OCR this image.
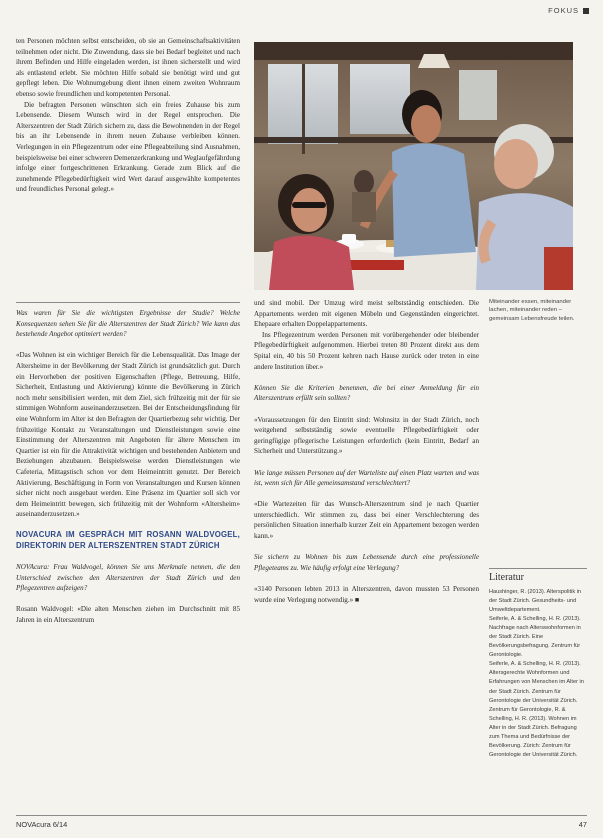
FOKUS

ten Personen möchten selbst entscheiden, ob sie an Gemeinschaftsaktivitäten teilnehmen oder nicht. Die Zuwendung, dass sie bei Bedarf begleitet und nach ihrem Befinden und Hilfe eingeladen werden, ist ihnen sicherstellt und wird als entlastend erlebt. Sie möchten Hilfe sobald sie benötigt wird und gut gepflegt leben. Die Wohnumgebung dient ihnen einem zweiten Wohnraum ebenso sowie freundlichen und kompetenten Personal.

Die befragten Personen wünschten sich ein freies Zuhause bis zum Lebensende. Diesem Wunsch wird in der Regel entsprochen. Die Alterszentren der Stadt Zürich sichern zu, dass die Bewohnenden in der Regel bis an ihr Lebensende in ihrem neuen Zuhause verbleiben können. Verlegungen in ein Pflegezentrum oder eine Pflegeabteilung sind Ausnahmen, beispielsweise bei einer schweren Demenzerkrankung und Weglaufgefährdung infolge einer fortgeschrittenen Erkrankung. Gerade zum Blick auf die zunehmende Pflegebedürftigkeit wird Wert darauf ausgewählte kompetentes und freundliches Personal gelegt.»

Miteinander essen, miteinander lachen, miteinander reden – gemeinsam Lebensfreude teilen.

Was waren für Sie die wichtigsten Ergebnisse der Studie? Welche Konsequenzen sehen Sie für die Alterszentren der Stadt Zürich? Wie kann das bestehende Angebot optimiert werden?

«Das Wohnen ist ein wichtiger Bereich für die Lebensqualität. Das Image der Altersheime in der Bevölkerung der Stadt Zürich ist grundsätzlich gut. Durch ein Hervorheben der positiven Eigenschaften (Pflege, Betreuung, Hilfe, Sicherheit, Entlastung und Aktivierung) könnte die Bevölkerung in Zürich noch mehr sensibilisiert werden, mit dem Ziel, sich frühzeitig mit der für sie stimmigen Wohnform auseinanderzusetzen. Bei der Entscheidungsfindung für eine Wohnform im Alter ist den Befragten der Quartierbezug sehr wichtig. Der frühzeitige Kontakt zu Veranstaltungen und Dienstleistungen sowie eine Einstimmung der Alterszentren mit Angeboten für ältere Menschen im Quartier ist ein für die Attraktivität wichtigen und bestehenden Anbietern und Beziehungen abzubauen. Beispielsweise werden Dienstleistungen wie Cafeteria, Mittagstisch schon vor dem Heimeintritt genutzt. Der Bereich Aktivierung, Beschäftigung in Form von Veranstaltungen und Kursen können sicher nicht noch ausgebaut werden. Eine Präsenz im Quartier soll sich vor dem Heimeintritt bewegen, sich frühzeitig mit der Wohnform «Altersheim» auseinanderzusetzen.»

NOVACURA IM GESPRÄCH MIT ROSANN WALDVOGEL, DIREKTORIN DER ALTERSZENTREN STADT ZÜRICH

NOVAcura: Frau Waldvogel, können Sie uns Merkmale nennen, die den Unterschied zwischen den Alterszentren der Stadt Zürich und den Pflegezentren aufzeigen?

Rosann Waldvogel: «Die alten Menschen ziehen im Durchschnitt mit 85 Jahren in ein Alterszentrum

und sind mobil. Der Umzug wird meist selbstständig entschieden. Die Appartements werden mit eigenen Möbeln und Gegenständen eingerichtet. Ehepaare erhalten Doppelappartements.

Ins Pflegezentrum werden Personen mit vorübergehender oder bleibender Pflegebedürftigkeit aufgenommen. Hierbei treten 80 Prozent direkt aus dem Spital ein, 40 bis 50 Prozent kehren nach Hause zurück oder treten in eine andere Institution über.»

Können Sie die Kriterien benennen, die bei einer Anmeldung für ein Alterszentrum erfüllt sein sollten?

«Voraussetzungen für den Eintritt sind: Wohnsitz in der Stadt Zürich, noch weitgehend selbstständig sowie eventuelle Pflegebedürftigkeit oder geringfügige pflegerische Leistungen erforderlich (kein Eintritt, Bedarf an Sicherheit und Unterstützung.»

Wie lange müssen Personen auf der Warteliste auf einen Platz warten und was ist, wenn sich für Alle gemeinsamstand verschlechtert?

«Die Wartezeiten für das Wunsch-Alterszentrum sind je nach Quartier unterschiedlich. Wir stimmen zu, dass bei einer Verschlechterung des persönlichen Situation innerhalb kurzer Zeit ein Appartement bezogen werden kann.»

Sie sichern zu Wohnen bis zum Lebensende durch eine professionelle Pflegeteams zu. Wie häufig erfolgt eine Verlegung?

«3140 Personen lebten 2013 in Alterszentren, davon mussten 53 Personen wurde eine Verlegung notwendig.» ■

Literatur

Haushinger, R. (2013). Alterspolitik in der Stadt Zürich. Gesundheits- und Umweltdepartement.

Seiferle, A. & Schelling, H. R. (2013). Nachfrage nach Alterswohnformen in der Stadt Zürich. Eine Bevölkerungsbefragung. Zentrum für Gerontologie.

Seiferle, A. & Schelling, H. R. (2013). Altersgerechte Wohnformen und Erfahrungen von Menschen im Alter in der Stadt Zürich. Zentrum für Gerontologie der Universität Zürich.

Zentrum für Gerontologie, R. & Schelling, H. R. (2013). Wohnen im Alter in der Stadt Zürich. Befragung zum Thema und Bedürfnisse der Bevölkerung. Zürich: Zentrum für Gerontologie der Universität Zürich.

NOVAcura 6/14	47
